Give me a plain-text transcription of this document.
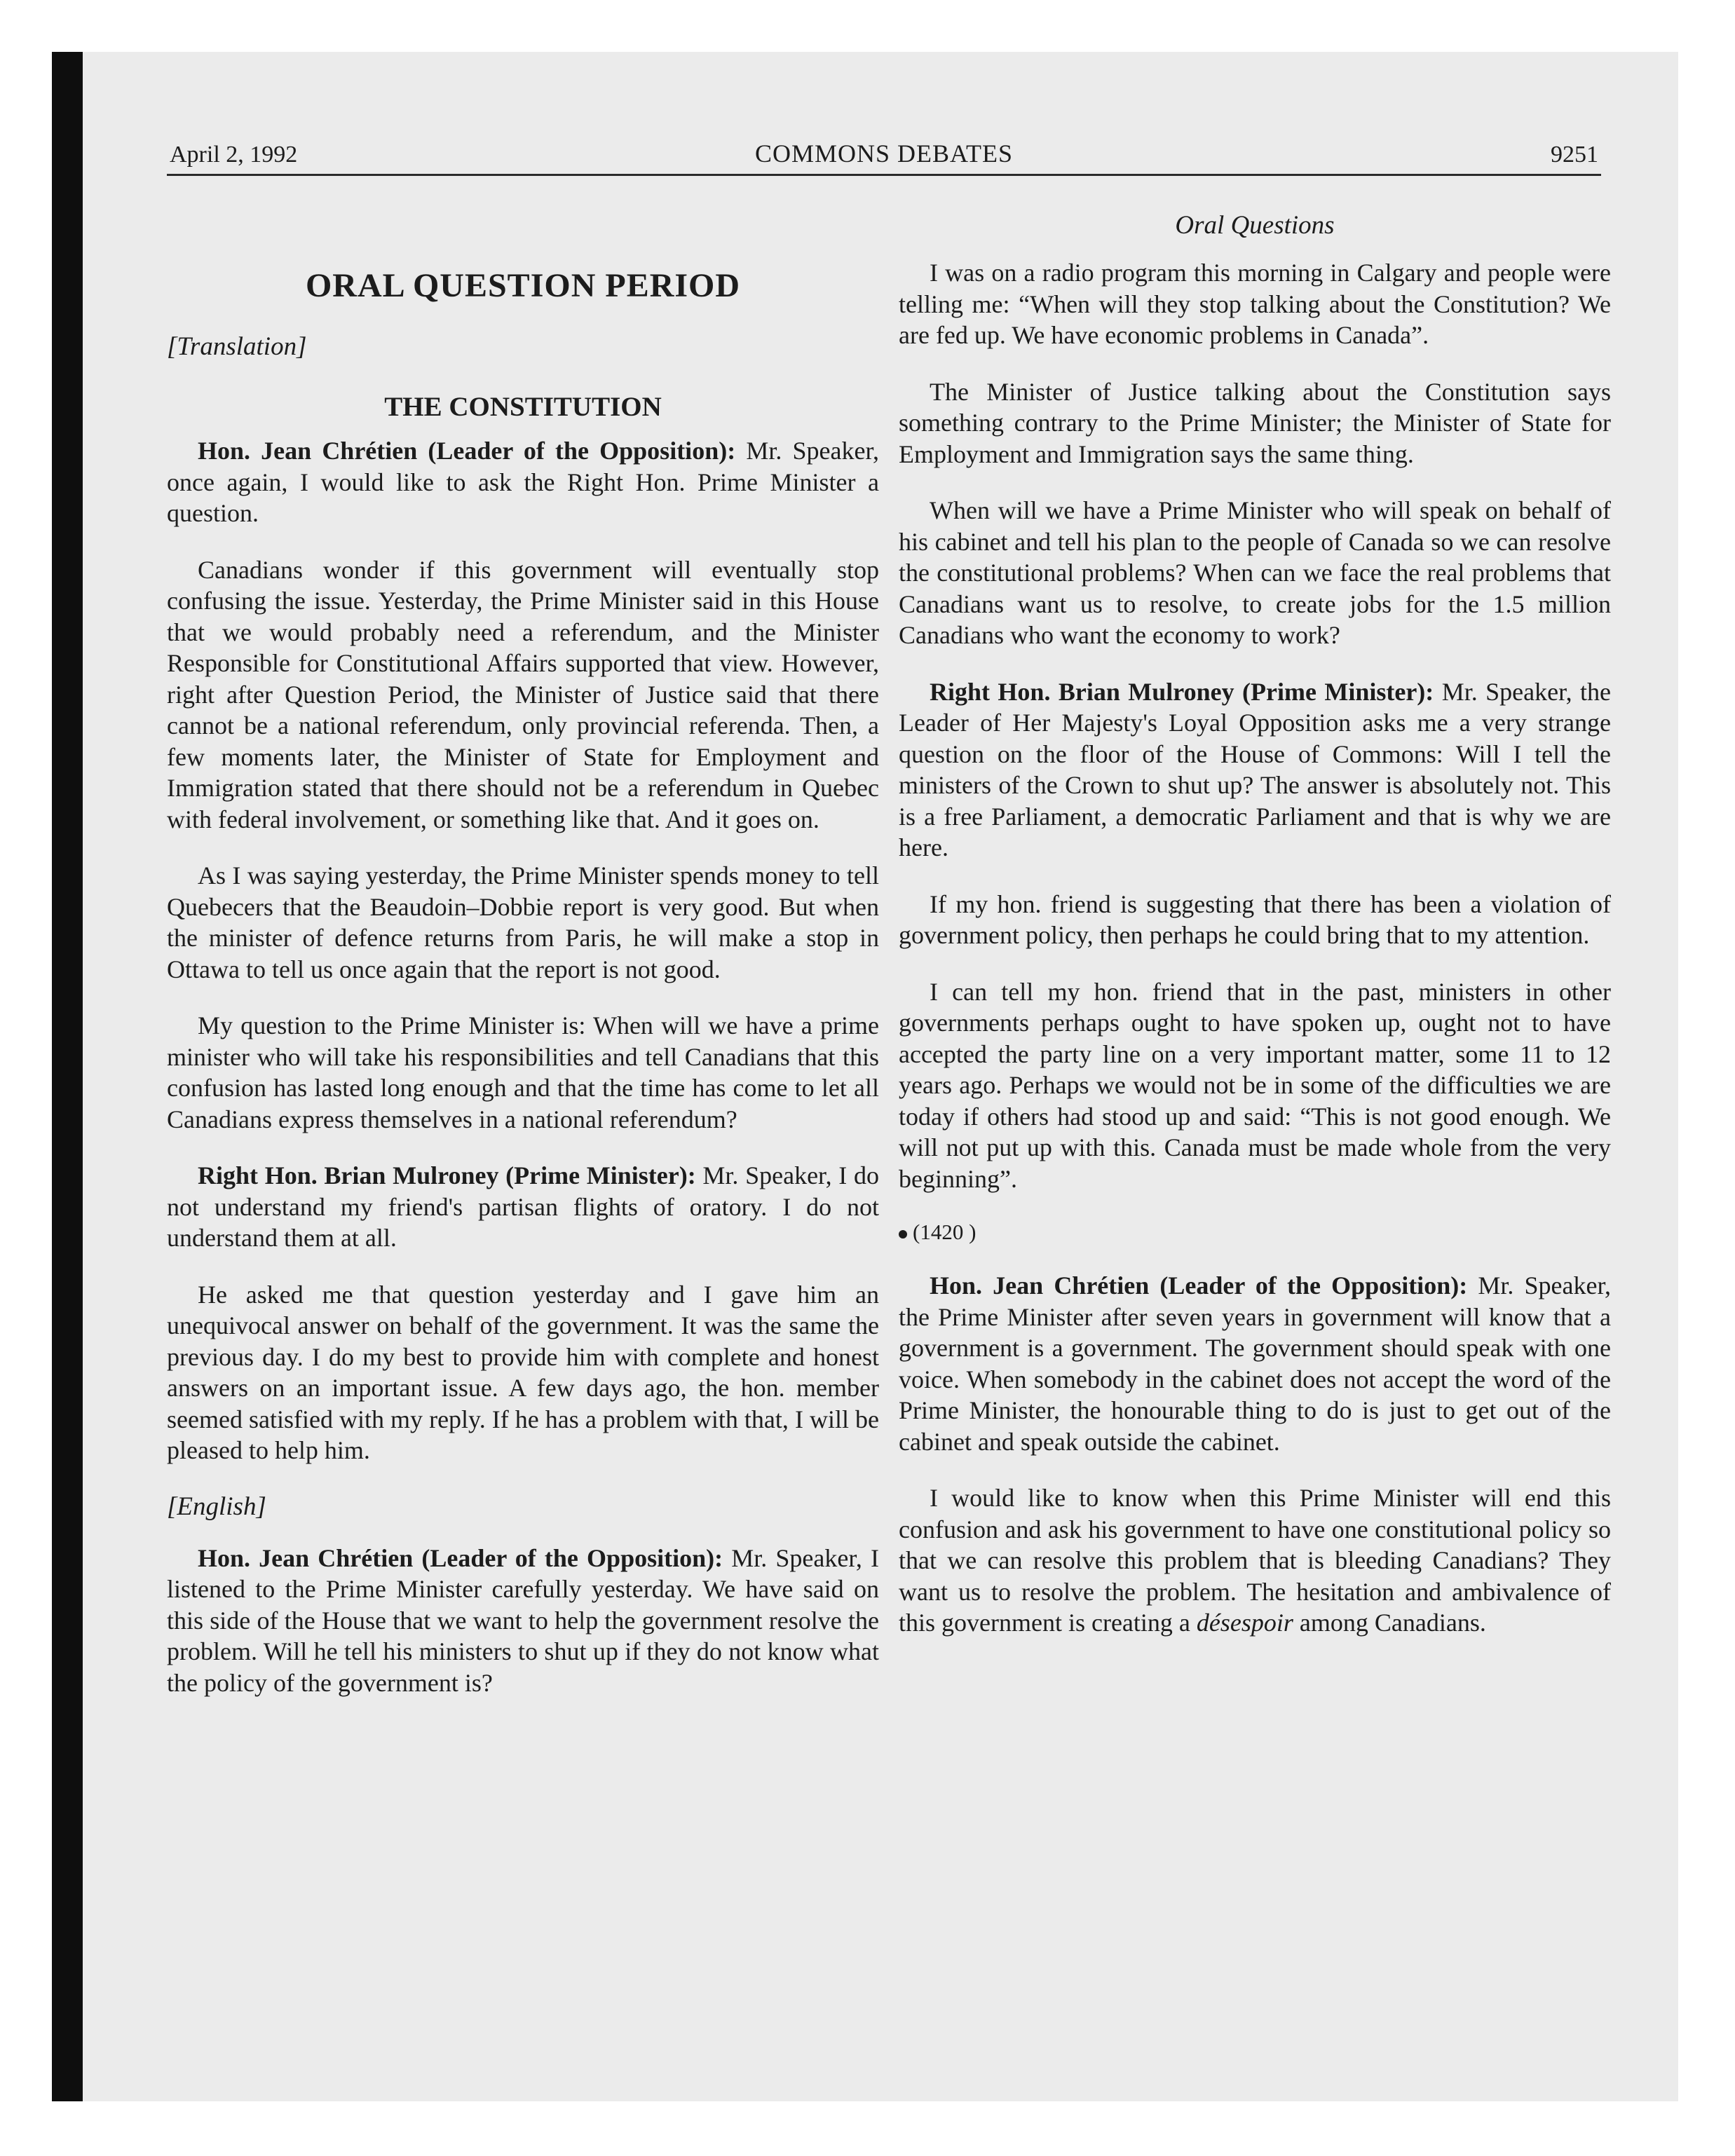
April 2, 1992	COMMONS DEBATES	9251
ORAL QUESTION PERIOD
[Translation]
THE CONSTITUTION

Hon. Jean Chrétien (Leader of the Opposition): Mr. Speaker, once again, I would like to ask the Right Hon. Prime Minister a question.

Canadians wonder if this government will eventually stop confusing the issue. Yesterday, the Prime Minister said in this House that we would probably need a referendum, and the Minister Responsible for Constitutional Affairs supported that view. However, right after Question Period, the Minister of Justice said that there cannot be a national referendum, only provincial referenda. Then, a few moments later, the Minister of State for Employment and Immigration stated that there should not be a referendum in Quebec with federal involvement, or something like that. And it goes on.

As I was saying yesterday, the Prime Minister spends money to tell Quebecers that the Beaudoin–Dobbie report is very good. But when the minister of defence returns from Paris, he will make a stop in Ottawa to tell us once again that the report is not good.

My question to the Prime Minister is: When will we have a prime minister who will take his responsibilities and tell Canadians that this confusion has lasted long enough and that the time has come to let all Canadians express themselves in a national referendum?

Right Hon. Brian Mulroney (Prime Minister): Mr. Speaker, I do not understand my friend's partisan flights of oratory. I do not understand them at all.

He asked me that question yesterday and I gave him an unequivocal answer on behalf of the government. It was the same the previous day. I do my best to provide him with complete and honest answers on an important issue. A few days ago, the hon. member seemed satisfied with my reply. If he has a problem with that, I will be pleased to help him.

[English]

Hon. Jean Chrétien (Leader of the Opposition): Mr. Speaker, I listened to the Prime Minister carefully yesterday. We have said on this side of the House that we want to help the government resolve the problem. Will he tell his ministers to shut up if they do not know what the policy of the government is?

Oral Questions

I was on a radio program this morning in Calgary and people were telling me: “When will they stop talking about the Constitution? We are fed up. We have economic problems in Canada”.

The Minister of Justice talking about the Constitution says something contrary to the Prime Minister; the Minister of State for Employment and Immigration says the same thing.

When will we have a Prime Minister who will speak on behalf of his cabinet and tell his plan to the people of Canada so we can resolve the constitutional problems? When can we face the real problems that Canadians want us to resolve, to create jobs for the 1.5 million Canadians who want the economy to work?

Right Hon. Brian Mulroney (Prime Minister): Mr. Speaker, the Leader of Her Majesty's Loyal Opposition asks me a very strange question on the floor of the House of Commons: Will I tell the ministers of the Crown to shut up? The answer is absolutely not. This is a free Parliament, a democratic Parliament and that is why we are here.

If my hon. friend is suggesting that there has been a violation of government policy, then perhaps he could bring that to my attention.

I can tell my hon. friend that in the past, ministers in other governments perhaps ought to have spoken up, ought not to have accepted the party line on a very important matter, some 11 to 12 years ago. Perhaps we would not be in some of the difficulties we are today if others had stood up and said: “This is not good enough. We will not put up with this. Canada must be made whole from the very beginning”.

(1420 )

Hon. Jean Chrétien (Leader of the Opposition): Mr. Speaker, the Prime Minister after seven years in government will know that a government is a government. The government should speak with one voice. When somebody in the cabinet does not accept the word of the Prime Minister, the honourable thing to do is just to get out of the cabinet and speak outside the cabinet.

I would like to know when this Prime Minister will end this confusion and ask his government to have one constitutional policy so that we can resolve this problem that is bleeding Canadians? They want us to resolve the problem. The hesitation and ambivalence of this government is creating a désespoir among Canadians.
